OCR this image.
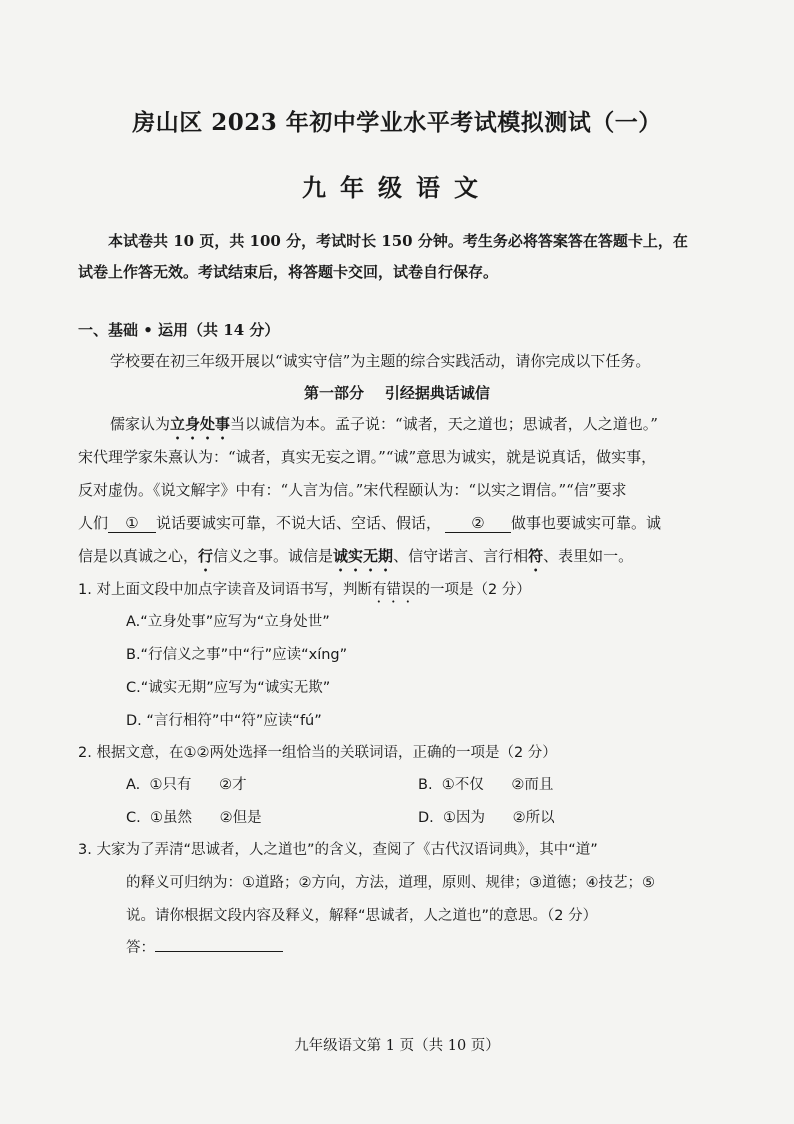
房山区 2023 年初中学业水平考试模拟测试（一）
九年级语文
本试卷共 10 页，共 100 分，考试时长 150 分钟。考生务必将答案答在答题卡上，在
试卷上作答无效。考试结束后，将答题卡交回，试卷自行保存。
一、基础 • 运用（共 14 分）
学校要在初三年级开展以“诚实守信”为主题的综合实践活动，请你完成以下任务。
第一部分    引经据典话诚信
儒家认为立身处事当以诚信为本。孟子说：“诚者，天之道也；思诚者，人之道也。”
宋代理学家朱熹认为：“诚者，真实无妄之谓。”“诚”意思为诚实，就是说真话，做实事，
反对虚伪。《说文解字》中有：“人言为信。”宋代程颐认为：“以实之谓信。”“信”要求
人们 ① 说话要诚实可靠，不说大话、空话、假话， ② 做事也要诚实可靠。诚
信是以真诚之心，行信义之事。诚信是诚实无期、信守诺言、言行相符、表里如一。
1. 对上面文段中加点字读音及词语书写，判断有错误的一项是（2 分）
A.“立身处事”应写为“立身处世”
B.“行信义之事”中“行”应读“xíng”
C.“诚实无期”应写为“诚实无欺”
D. “言行相符”中“符”应读“fú”
2. 根据文意，在①②两处选择一组恰当的关联词语，正确的一项是（2 分）
A.  ①只有      ②才	B.  ①不仅      ②而且
C.  ①虽然      ②但是	D.  ①因为      ②所以
3. 大家为了弄清“思诚者，人之道也”的含义，查阅了《古代汉语词典》，其中“道”
的释义可归纳为：①道路；②方向，方法，道理，原则、规律；③道德；④技艺；⑤
说。请你根据文段内容及释义，解释“思诚者，人之道也”的意思。（2 分）
答：
九年级语文第 1 页（共 10 页）
